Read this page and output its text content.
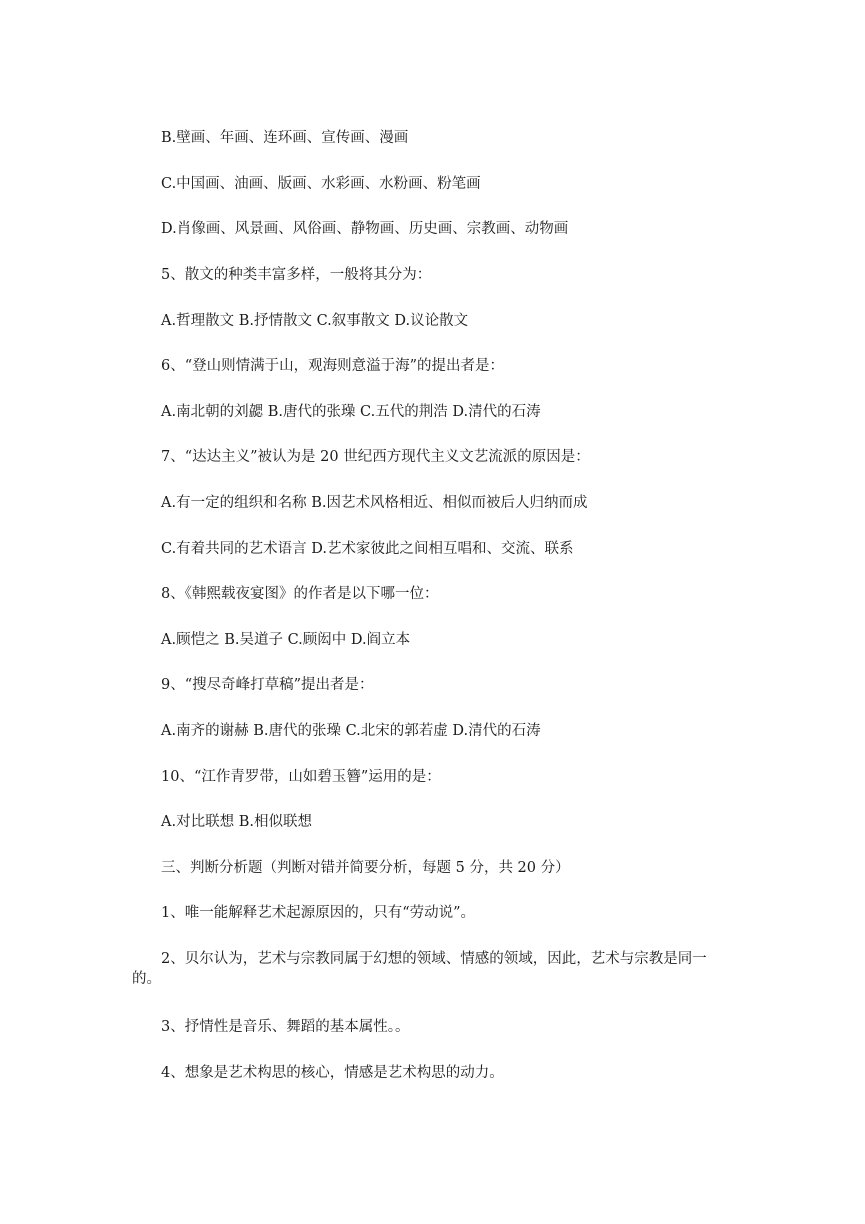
B.壁画、年画、连环画、宣传画、漫画
C.中国画、油画、版画、水彩画、水粉画、粉笔画
D.肖像画、风景画、风俗画、静物画、历史画、宗教画、动物画
5、散文的种类丰富多样，一般将其分为：
A.哲理散文 B.抒情散文 C.叙事散文 D.议论散文
6、“登山则情满于山，观海则意溢于海”的提出者是：
A.南北朝的刘勰 B.唐代的张璪 C.五代的荆浩 D.清代的石涛
7、“达达主义”被认为是 20 世纪西方现代主义文艺流派的原因是：
A.有一定的组织和名称 B.因艺术风格相近、相似而被后人归纳而成
C.有着共同的艺术语言 D.艺术家彼此之间相互唱和、交流、联系
8、《韩熙载夜宴图》的作者是以下哪一位：
A.顾恺之 B.吴道子 C.顾闳中 D.阎立本
9、“搜尽奇峰打草稿”提出者是：
A.南齐的谢赫 B.唐代的张璪 C.北宋的郭若虚 D.清代的石涛
10、“江作青罗带，山如碧玉簪”运用的是：
A.对比联想 B.相似联想
三、判断分析题（判断对错并简要分析，每题 5 分，共 20 分）
1、唯一能解释艺术起源原因的，只有“劳动说”。
2、贝尔认为，艺术与宗教同属于幻想的领域、情感的领域，因此，艺术与宗教是同一
的。
3、抒情性是音乐、舞蹈的基本属性。。
4、想象是艺术构思的核心，情感是艺术构思的动力。
